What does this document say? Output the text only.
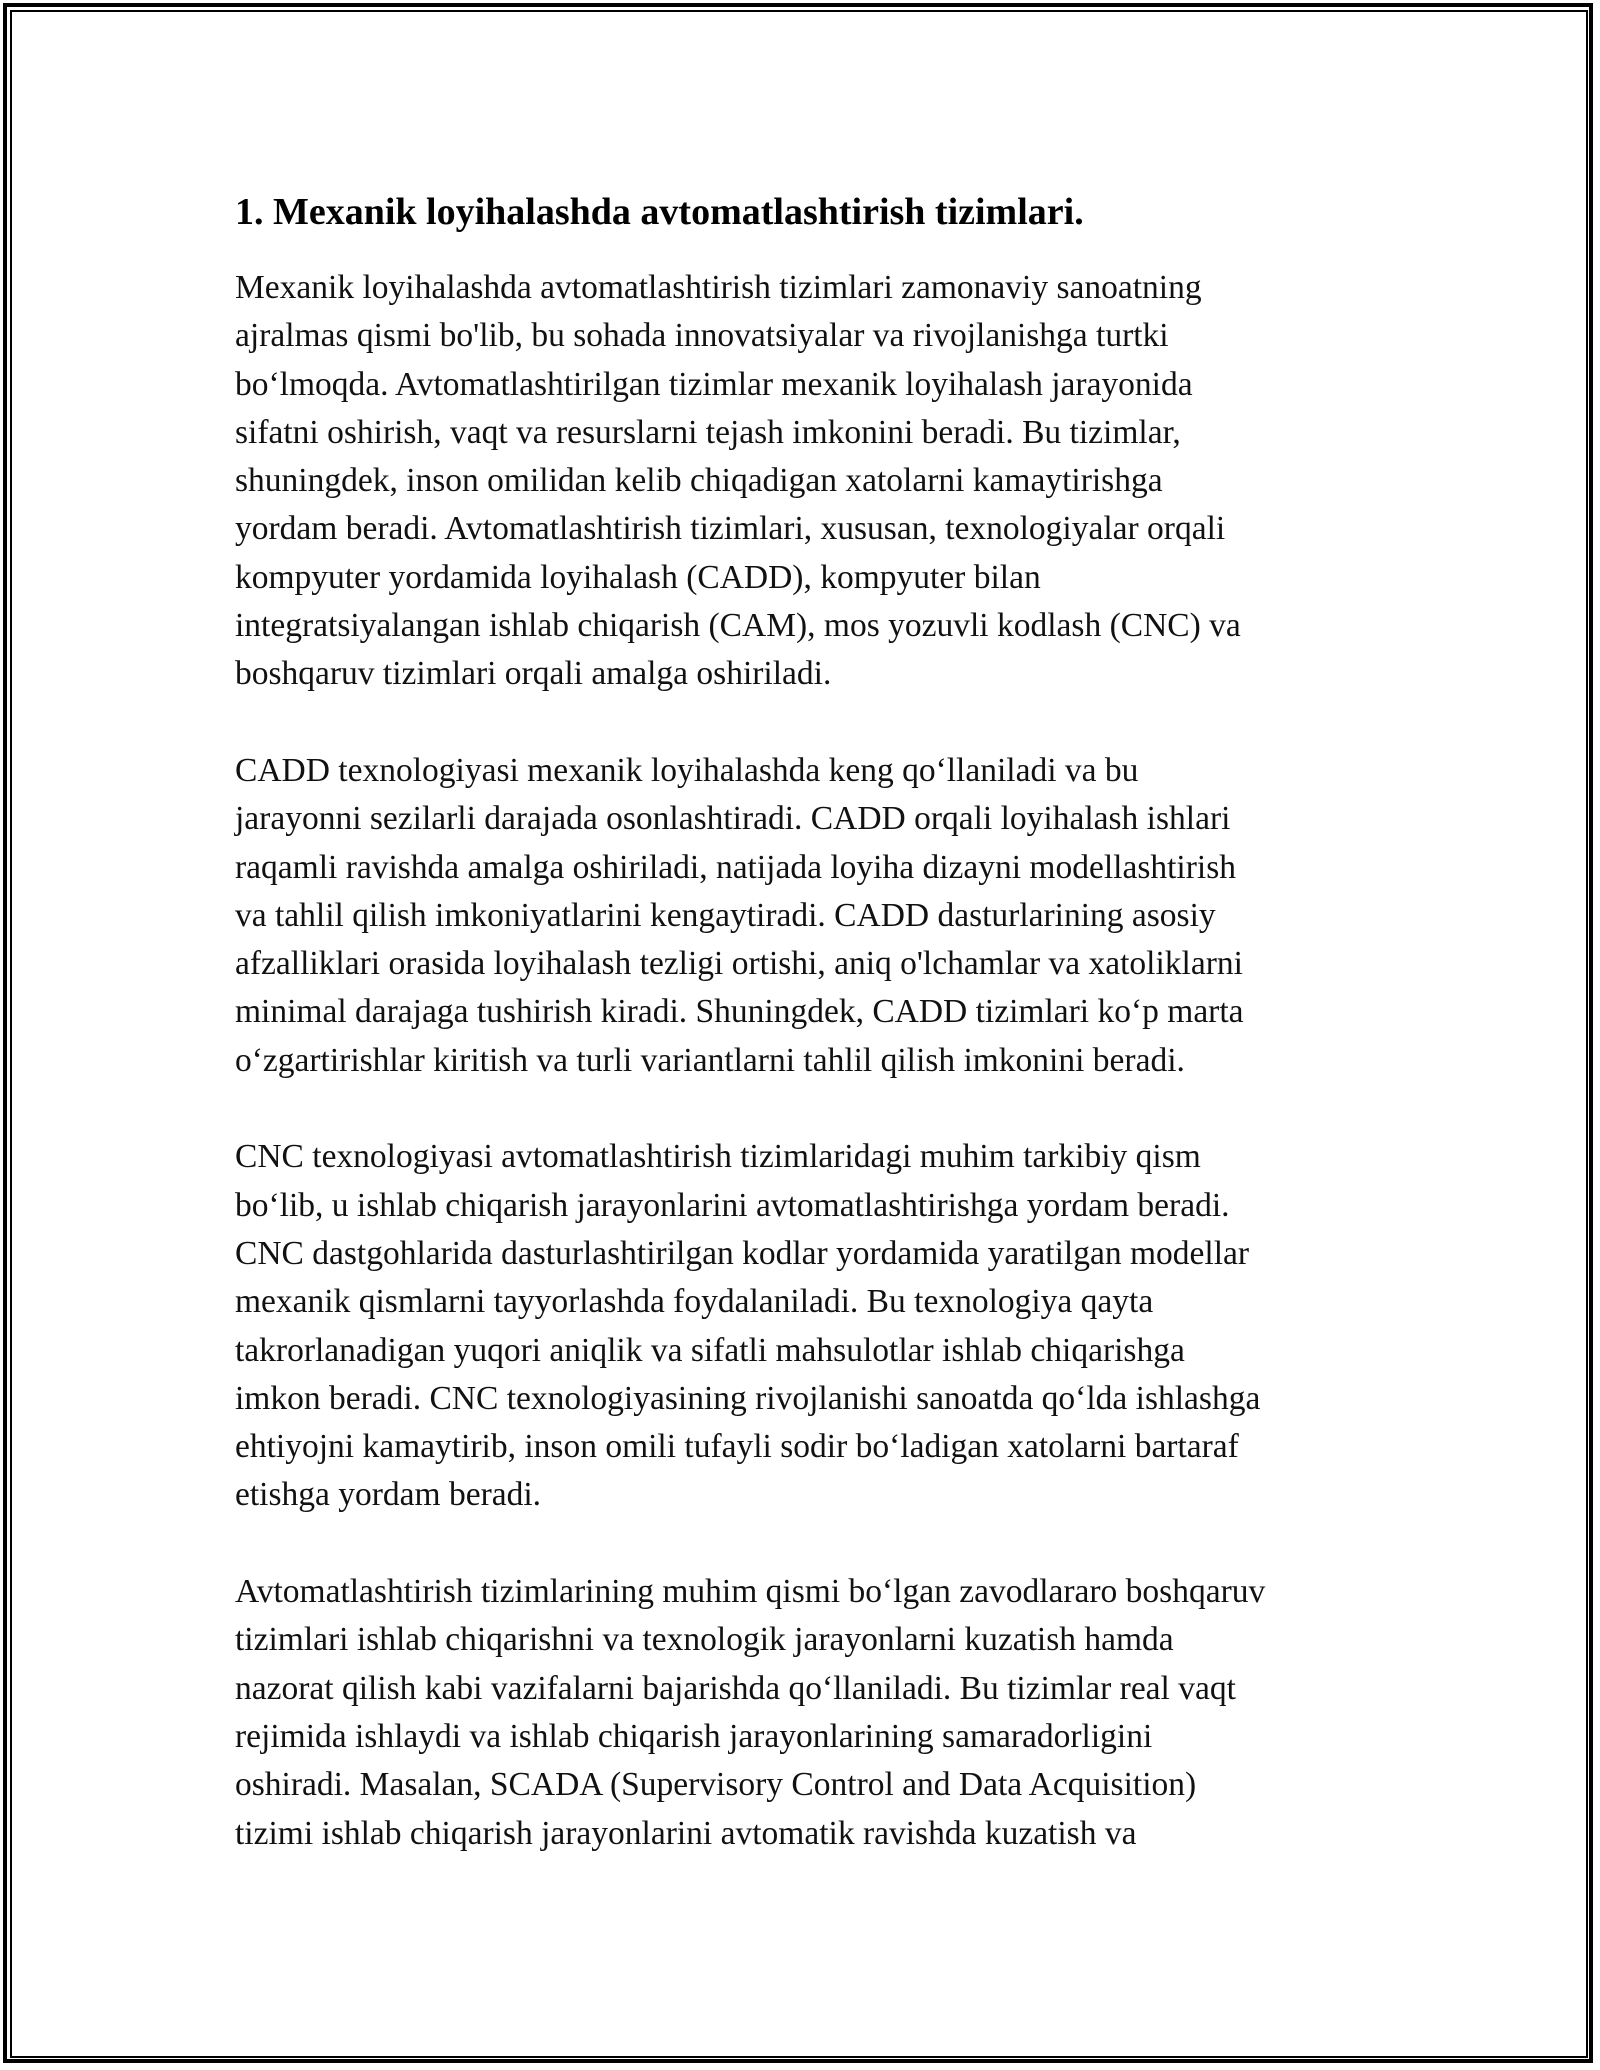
1. Mexanik loyihalashda avtomatlashtirish tizimlari.
Mexanik loyihalashda avtomatlashtirish tizimlari zamonaviy sanoatning
ajralmas qismi bo'lib, bu sohada innovatsiyalar va rivojlanishga turtki
bo‘lmoqda. Avtomatlashtirilgan tizimlar mexanik loyihalash jarayonida
sifatni oshirish, vaqt va resurslarni tejash imkonini beradi. Bu tizimlar,
shuningdek, inson omilidan kelib chiqadigan xatolarni kamaytirishga
yordam beradi. Avtomatlashtirish tizimlari, xususan, texnologiyalar orqali
kompyuter yordamida loyihalash (CADD), kompyuter bilan
integratsiyalangan ishlab chiqarish (CAM), mos yozuvli kodlash (CNC) va
boshqaruv tizimlari orqali amalga oshiriladi.
CADD texnologiyasi mexanik loyihalashda keng qo‘llaniladi va bu
jarayonni sezilarli darajada osonlashtiradi. CADD orqali loyihalash ishlari
raqamli ravishda amalga oshiriladi, natijada loyiha dizayni modellashtirish
va tahlil qilish imkoniyatlarini kengaytiradi. CADD dasturlarining asosiy
afzalliklari orasida loyihalash tezligi ortishi, aniq o'lchamlar va xatoliklarni
minimal darajaga tushirish kiradi. Shuningdek, CADD tizimlari ko‘p marta
o‘zgartirishlar kiritish va turli variantlarni tahlil qilish imkonini beradi.
CNC texnologiyasi avtomatlashtirish tizimlaridagi muhim tarkibiy qism
bo‘lib, u ishlab chiqarish jarayonlarini avtomatlashtirishga yordam beradi.
CNC dastgohlarida dasturlashtirilgan kodlar yordamida yaratilgan modellar
mexanik qismlarni tayyorlashda foydalaniladi. Bu texnologiya qayta
takrorlanadigan yuqori aniqlik va sifatli mahsulotlar ishlab chiqarishga
imkon beradi. CNC texnologiyasining rivojlanishi sanoatda qo‘lda ishlashga
ehtiyojni kamaytirib, inson omili tufayli sodir bo‘ladigan xatolarni bartaraf
etishga yordam beradi.
Avtomatlashtirish tizimlarining muhim qismi bo‘lgan zavodlararo boshqaruv
tizimlari ishlab chiqarishni va texnologik jarayonlarni kuzatish hamda
nazorat qilish kabi vazifalarni bajarishda qo‘llaniladi. Bu tizimlar real vaqt
rejimida ishlaydi va ishlab chiqarish jarayonlarining samaradorligini
oshiradi. Masalan, SCADA (Supervisory Control and Data Acquisition)
tizimi ishlab chiqarish jarayonlarini avtomatik ravishda kuzatish va
